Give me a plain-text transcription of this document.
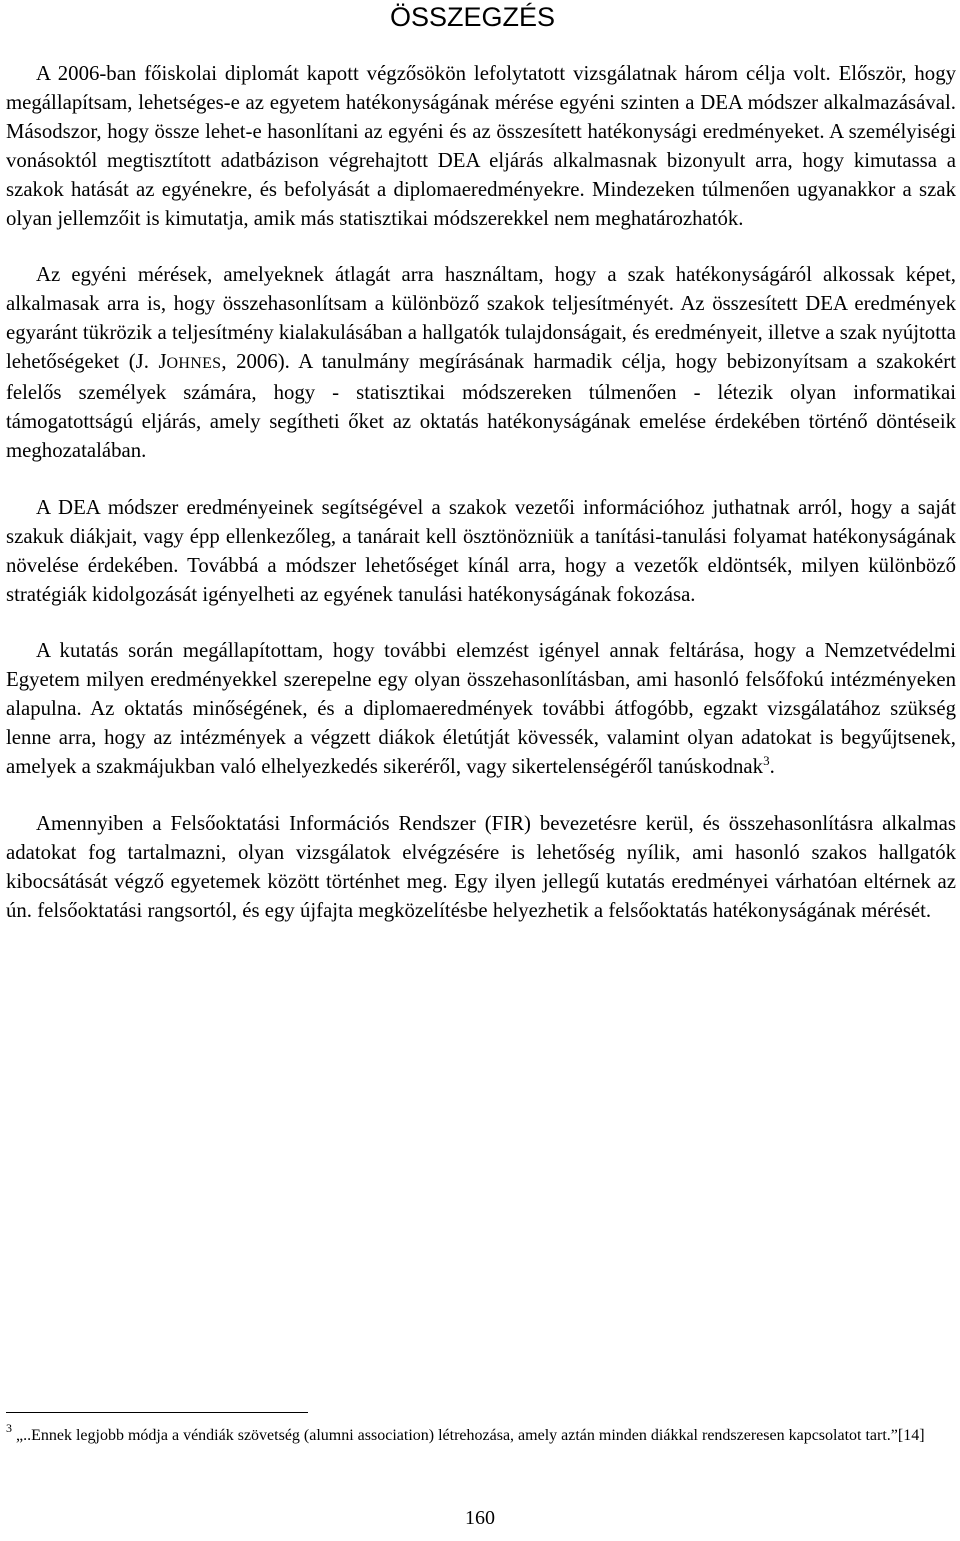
ÖSSZEGZÉS

A 2006-ban főiskolai diplomát kapott végzősökön lefolytatott vizsgálatnak három célja volt. Először, hogy megállapítsam, lehetséges-e az egyetem hatékonyságának mérése egyéni szinten a DEA módszer alkalmazásával. Másodszor, hogy össze lehet-e hasonlítani az egyéni és az összesített hatékonysági eredményeket. A személyiségi vonásoktól megtisztított adatbázison végrehajtott DEA eljárás alkalmasnak bizonyult arra, hogy kimutassa a szakok hatását az egyénekre, és befolyását a diplomaeredményekre. Mindezeken túlmenően ugyanakkor a szak olyan jellemzőit is kimutatja, amik más statisztikai módszerekkel nem meghatározhatók.

Az egyéni mérések, amelyeknek átlagát arra használtam, hogy a szak hatékonyságáról alkossak képet, alkalmasak arra is, hogy összehasonlítsam a különböző szakok teljesítményét. Az összesített DEA eredmények egyaránt tükrözik a teljesítmény kialakulásában a hallgatók tulajdonságait, és eredményeit, illetve a szak nyújtotta lehetőségeket (J. JOHNES, 2006). A tanulmány megírásának harmadik célja, hogy bebizonyítsam a szakokért felelős személyek számára, hogy - statisztikai módszereken túlmenően - létezik olyan informatikai támogatottságú eljárás, amely segítheti őket az oktatás hatékonyságának emelése érdekében történő döntéseik meghozatalában.

A DEA módszer eredményeinek segítségével a szakok vezetői információhoz juthatnak arról, hogy a saját szakuk diákjait, vagy épp ellenkezőleg, a tanárait kell ösztönözniük a tanítási-tanulási folyamat hatékonyságának növelése érdekében. Továbbá a módszer lehetőséget kínál arra, hogy a vezetők eldöntsék, milyen különböző stratégiák kidolgozását igényelheti az egyének tanulási hatékonyságának fokozása.

A kutatás során megállapítottam, hogy további elemzést igényel annak feltárása, hogy a Nemzetvédelmi Egyetem milyen eredményekkel szerepelne egy olyan összehasonlításban, ami hasonló felsőfokú intézményeken alapulna. Az oktatás minőségének, és a diplomaeredmények további átfogóbb, egzakt vizsgálatához szükség lenne arra, hogy az intézmények a végzett diákok életútját kövessék, valamint olyan adatokat is begyűjtsenek, amelyek a szakmájukban való elhelyezkedés sikeréről, vagy sikertelenségéről tanúskodnak$^3$.

Amennyiben a Felsőoktatási Információs Rendszer (FIR) bevezetésre kerül, és összehasonlításra alkalmas adatokat fog tartalmazni, olyan vizsgálatok elvégzésére is lehetőség nyílik, ami hasonló szakos hallgatók kibocsátását végző egyetemek között történhet meg. Egy ilyen jellegű kutatás eredményei várhatóan eltérnek az ún. felsőoktatási rangsortól, és egy újfajta megközelítésbe helyezhetik a felsőoktatás hatékonyságának mérését.

$^3$ „..Ennek legjobb módja a véndiák szövetség (alumni association) létrehozása, amely aztán minden diákkal rendszeresen kapcsolatot tart.”[14]

160
